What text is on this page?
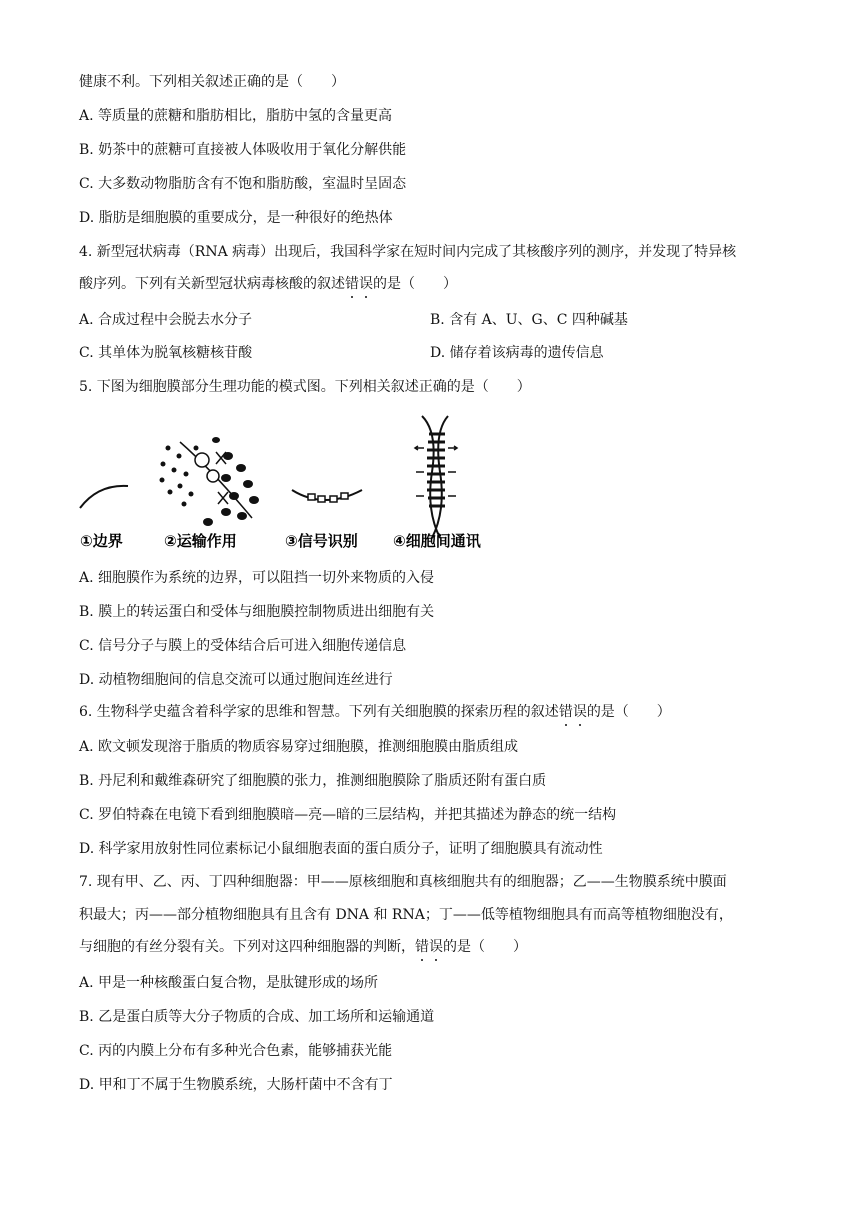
健康不利。下列相关叙述正确的是（　　）
A. 等质量的蔗糖和脂肪相比，脂肪中氢的含量更高
B. 奶茶中的蔗糖可直接被人体吸收用于氧化分解供能
C. 大多数动物脂肪含有不饱和脂肪酸，室温时呈固态
D. 脂肪是细胞膜的重要成分，是一种很好的绝热体
4. 新型冠状病毒（RNA 病毒）出现后，我国科学家在短时间内完成了其核酸序列的测序，并发现了特异核
酸序列。下列有关新型冠状病毒核酸的叙述错误的是（　　）
A. 合成过程中会脱去水分子	B. 含有 A、U、G、C 四种碱基
C. 其单体为脱氧核糖核苷酸	D. 储存着该病毒的遗传信息
5. 下图为细胞膜部分生理功能的模式图。下列相关叙述正确的是（　　）
①边界	②运输作用	③信号识别 ④细胞间通讯
A. 细胞膜作为系统的边界，可以阻挡一切外来物质的入侵
B. 膜上的转运蛋白和受体与细胞膜控制物质进出细胞有关
C. 信号分子与膜上的受体结合后可进入细胞传递信息
D. 动植物细胞间的信息交流可以通过胞间连丝进行
6. 生物科学史蕴含着科学家的思维和智慧。下列有关细胞膜的探索历程的叙述错误的是（　　）
A. 欧文顿发现溶于脂质的物质容易穿过细胞膜，推测细胞膜由脂质组成
B. 丹尼利和戴维森研究了细胞膜的张力，推测细胞膜除了脂质还附有蛋白质
C. 罗伯特森在电镜下看到细胞膜暗—亮—暗的三层结构，并把其描述为静态的统一结构
D. 科学家用放射性同位素标记小鼠细胞表面的蛋白质分子，证明了细胞膜具有流动性
7. 现有甲、乙、丙、丁四种细胞器：甲——原核细胞和真核细胞共有的细胞器；乙——生物膜系统中膜面
积最大；丙——部分植物细胞具有且含有 DNA 和 RNA；丁——低等植物细胞具有而高等植物细胞没有，
与细胞的有丝分裂有关。下列对这四种细胞器的判断，错误的是（　　）
A. 甲是一种核酸蛋白复合物，是肽键形成的场所
B. 乙是蛋白质等大分子物质的合成、加工场所和运输通道
C. 丙的内膜上分布有多种光合色素，能够捕获光能
D. 甲和丁不属于生物膜系统，大肠杆菌中不含有丁
